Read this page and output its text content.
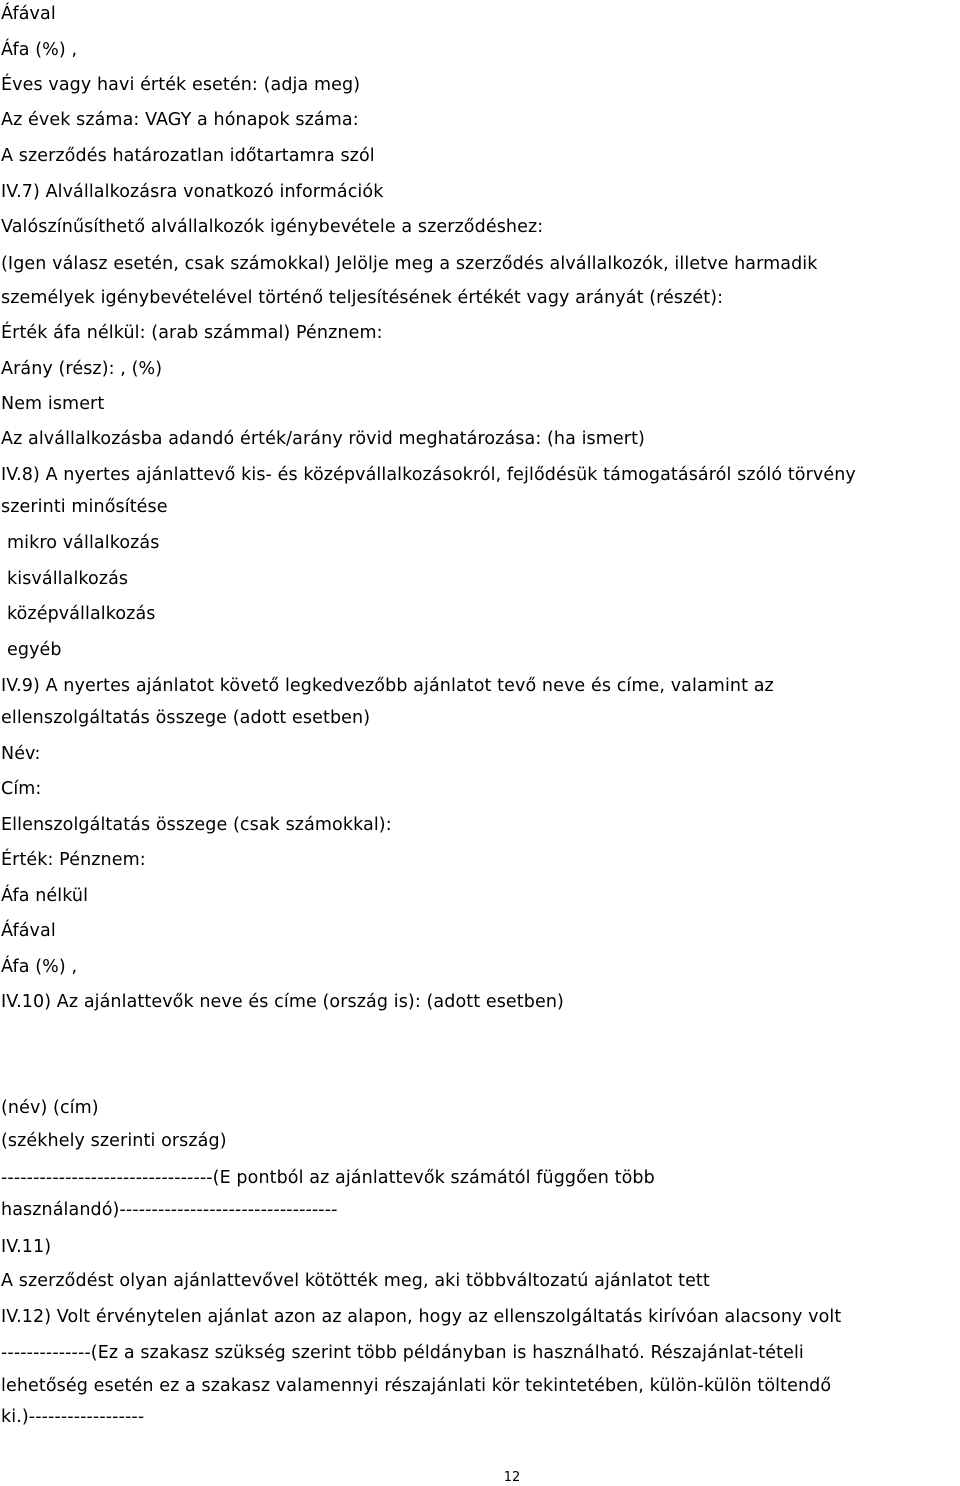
Áfával
Áfa (%) ,
Éves vagy havi érték esetén: (adja meg)
Az évek száma: VAGY a hónapok száma:
A szerződés határozatlan időtartamra szól
IV.7) Alvállalkozásra vonatkozó információk
Valószínűsíthető alvállalkozók igénybevétele a szerződéshez:
(Igen válasz esetén, csak számokkal) Jelölje meg a szerződés alvállalkozók, illetve harmadik
személyek igénybevételével történő teljesítésének értékét vagy arányát (részét):
Érték áfa nélkül: (arab számmal) Pénznem:
Arány (rész): , (%)
Nem ismert
Az alvállalkozásba adandó érték/arány rövid meghatározása: (ha ismert)
IV.8) A nyertes ajánlattevő kis- és középvállalkozásokról, fejlődésük támogatásáról szóló törvény
szerinti minősítése
mikro vállalkozás
kisvállalkozás
középvállalkozás
egyéb
IV.9) A nyertes ajánlatot követő legkedvezőbb ajánlatot tevő neve és címe, valamint az
ellenszolgáltatás összege (adott esetben)
Név:
Cím:
Ellenszolgáltatás összege (csak számokkal):
Érték: Pénznem:
Áfa nélkül
Áfával
Áfa (%) ,
IV.10) Az ajánlattevők neve és címe (ország is): (adott esetben)
(név) (cím)
(székhely szerinti ország)
---------------------------------(E pontból az ajánlattevők számától függően több
használandó)----------------------------------
IV.11)
A szerződést olyan ajánlattevővel kötötték meg, aki többváltozatú ajánlatot tett
IV.12) Volt érvénytelen ajánlat azon az alapon, hogy az ellenszolgáltatás kirívóan alacsony volt
--------------(Ez a szakasz szükség szerint több példányban is használható. Részajánlat-tételi
lehetőség esetén ez a szakasz valamennyi részajánlati kör tekintetében, külön-külön töltendő
ki.)------------------
12
